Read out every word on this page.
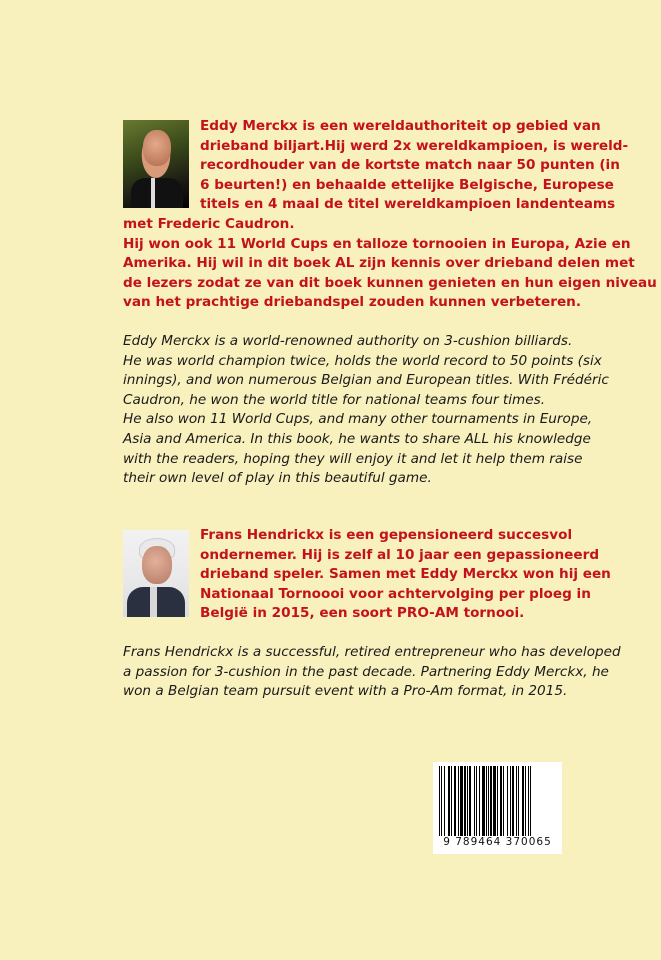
Eddy Merckx is een wereldauthoriteit op gebied van
drieband biljart.Hij werd 2x wereldkampioen, is wereld-
recordhouder van de kortste match naar 50 punten (in
6 beurten!) en behaalde ettelijke Belgische, Europese
titels en 4 maal de titel wereldkampioen landenteams
met Frederic Caudron.
Hij won ook 11 World Cups en talloze tornooien in Europa, Azie en
Amerika. Hij wil in dit boek AL zijn kennis over drieband delen met
de lezers zodat ze van dit boek kunnen genieten en hun eigen niveau
van het prachtige driebandspel zouden kunnen verbeteren.
Eddy Merckx is a world-renowned authority on 3-cushion billiards.
He was world champion twice, holds the world record to 50 points (six
innings), and won numerous Belgian and European titles. With Frédéric
Caudron, he won the world title for national teams four times.
He also won 11 World Cups, and many other tournaments in Europe,
Asia and America. In this book, he wants to share ALL his knowledge
with the readers, hoping they will enjoy it and let it help them raise
their own level of play in this beautiful game.
Frans Hendrickx is een gepensioneerd succesvol
ondernemer. Hij is zelf al 10 jaar een gepassioneerd
drieband speler. Samen met Eddy Merckx won hij een
Nationaal Tornoooi voor achtervolging per ploeg in
België in 2015, een soort PRO-AM tornooi.
Frans Hendrickx is a successful, retired entrepreneur who has developed
a passion for 3-cushion in the past decade. Partnering Eddy Merckx, he
won a Belgian team pursuit event with a Pro-Am format, in 2015.
9 789464 370065
